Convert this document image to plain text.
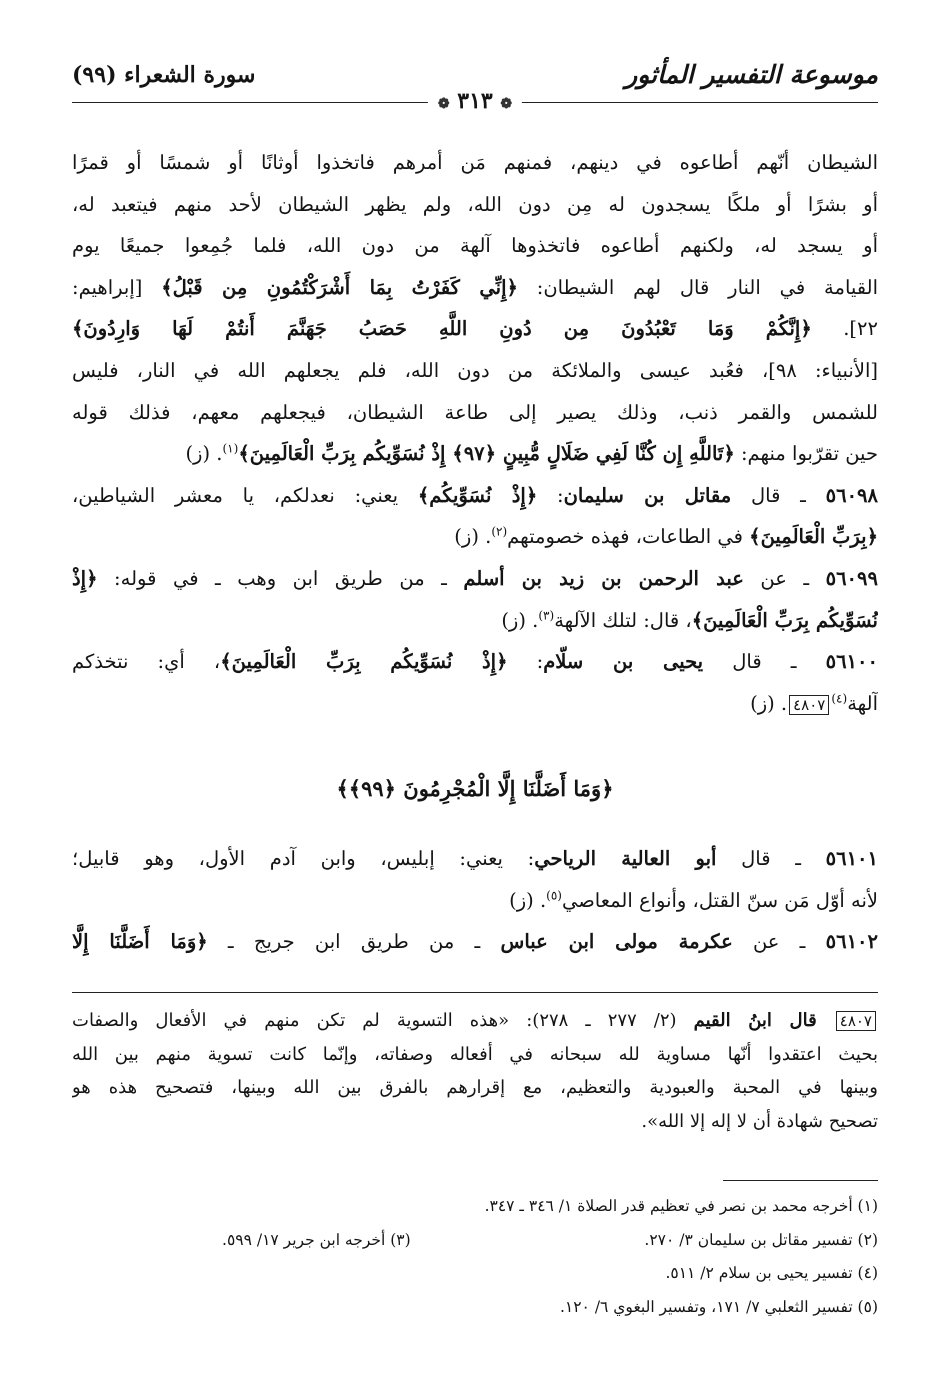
موسوعة التفسير المأثور
سورة الشعراء (٩٩)
❁ ٣١٣ ❁
الشيطان أنّهم أطاعوه في دينهم، فمنهم مَن أمرهم فاتخذوا أوثانًا أو شمسًا أو قمرًا
أو بشرًا أو ملكًا يسجدون له مِن دون الله، ولم يظهر الشيطان لأحد منهم فيتعبد له،
أو يسجد له، ولكنهم أطاعوه فاتخذوها آلهة من دون الله، فلما جُمِعوا جميعًا يوم
القيامة في النار قال لهم الشيطان: ﴿إِنِّي كَفَرْتُ بِمَا أَشْرَكْتُمُونِ مِن قَبْلُ﴾ [إبراهيم:
٢٢]. ﴿إِنَّكُمْ وَمَا تَعْبُدُونَ مِن دُونِ اللَّهِ حَصَبُ جَهَنَّمَ أَنتُمْ لَهَا وَارِدُونَ﴾
[الأنبياء: ٩٨]، فعُبد عيسى والملائكة من دون الله، فلم يجعلهم الله في النار، فليس
للشمس والقمر ذنب، وذلك يصير إلى طاعة الشيطان، فيجعلهم معهم، فذلك قوله
حين تقرّبوا منهم: ﴿تَاللَّهِ إِن كُنَّا لَفِي ضَلَالٍ مُّبِينٍ ﴿٩٧﴾ إِذْ نُسَوِّيكُم بِرَبِّ الْعَالَمِينَ﴾$^{(١)}$. (ز)
٥٦٠٩٨ ـ قال مقاتل بن سليمان: ﴿إِذْ نُسَوِّيكُم﴾ يعني: نعدلكم، يا معشر الشياطين،
﴿بِرَبِّ الْعَالَمِينَ﴾ في الطاعات، فهذه خصومتهم$^{(٢)}$. (ز)
٥٦٠٩٩ ـ عن عبد الرحمن بن زيد بن أسلم ـ من طريق ابن وهب ـ في قوله: ﴿إِذْ
نُسَوِّيكُم بِرَبِّ الْعَالَمِينَ﴾، قال: لتلك الآلهة$^{(٣)}$. (ز)
٥٦١٠٠ ـ قال يحيى بن سلّام: ﴿إِذْ نُسَوِّيكُم بِرَبِّ الْعَالَمِينَ﴾، أي: نتخذكم
آلهة$^{(٤)}$٤٨٠٧. (ز)
﴿وَمَا أَضَلَّنَا إِلَّا الْمُجْرِمُونَ ﴿٩٩﴾﴾
٥٦١٠١ ـ قال أبو العالية الرياحي: يعني: إبليس، وابن آدم الأول، وهو قابيل؛
لأنه أوّل مَن سنّ القتل، وأنواع المعاصي$^{(٥)}$. (ز)
٥٦١٠٢ ـ عن عكرمة مولى ابن عباس ـ من طريق ابن جريج ـ ﴿وَمَا أَضَلَّنَا إِلَّا
٤٨٠٧ قال ابنُ القيم (٢/ ٢٧٧ ـ ٢٧٨): «هذه التسوية لم تكن منهم في الأفعال والصفات
بحيث اعتقدوا أنّها مساوية لله سبحانه في أفعاله وصفاته، وإنّما كانت تسوية منهم بين الله
وبينها في المحبة والعبودية والتعظيم، مع إقرارهم بالفرق بين الله وبينها، فتصحيح هذه هو
تصحيح شهادة أن لا إله إلا الله».
(١) أخرجه محمد بن نصر في تعظيم قدر الصلاة ١/ ٣٤٦ ـ ٣٤٧.
(٢) تفسير مقاتل بن سليمان ٣/ ٢٧٠.
(٣) أخرجه ابن جرير ١٧/ ٥٩٩.
(٤) تفسير يحيى بن سلام ٢/ ٥١١.
(٥) تفسير الثعلبي ٧/ ١٧١، وتفسير البغوي ٦/ ١٢٠.
